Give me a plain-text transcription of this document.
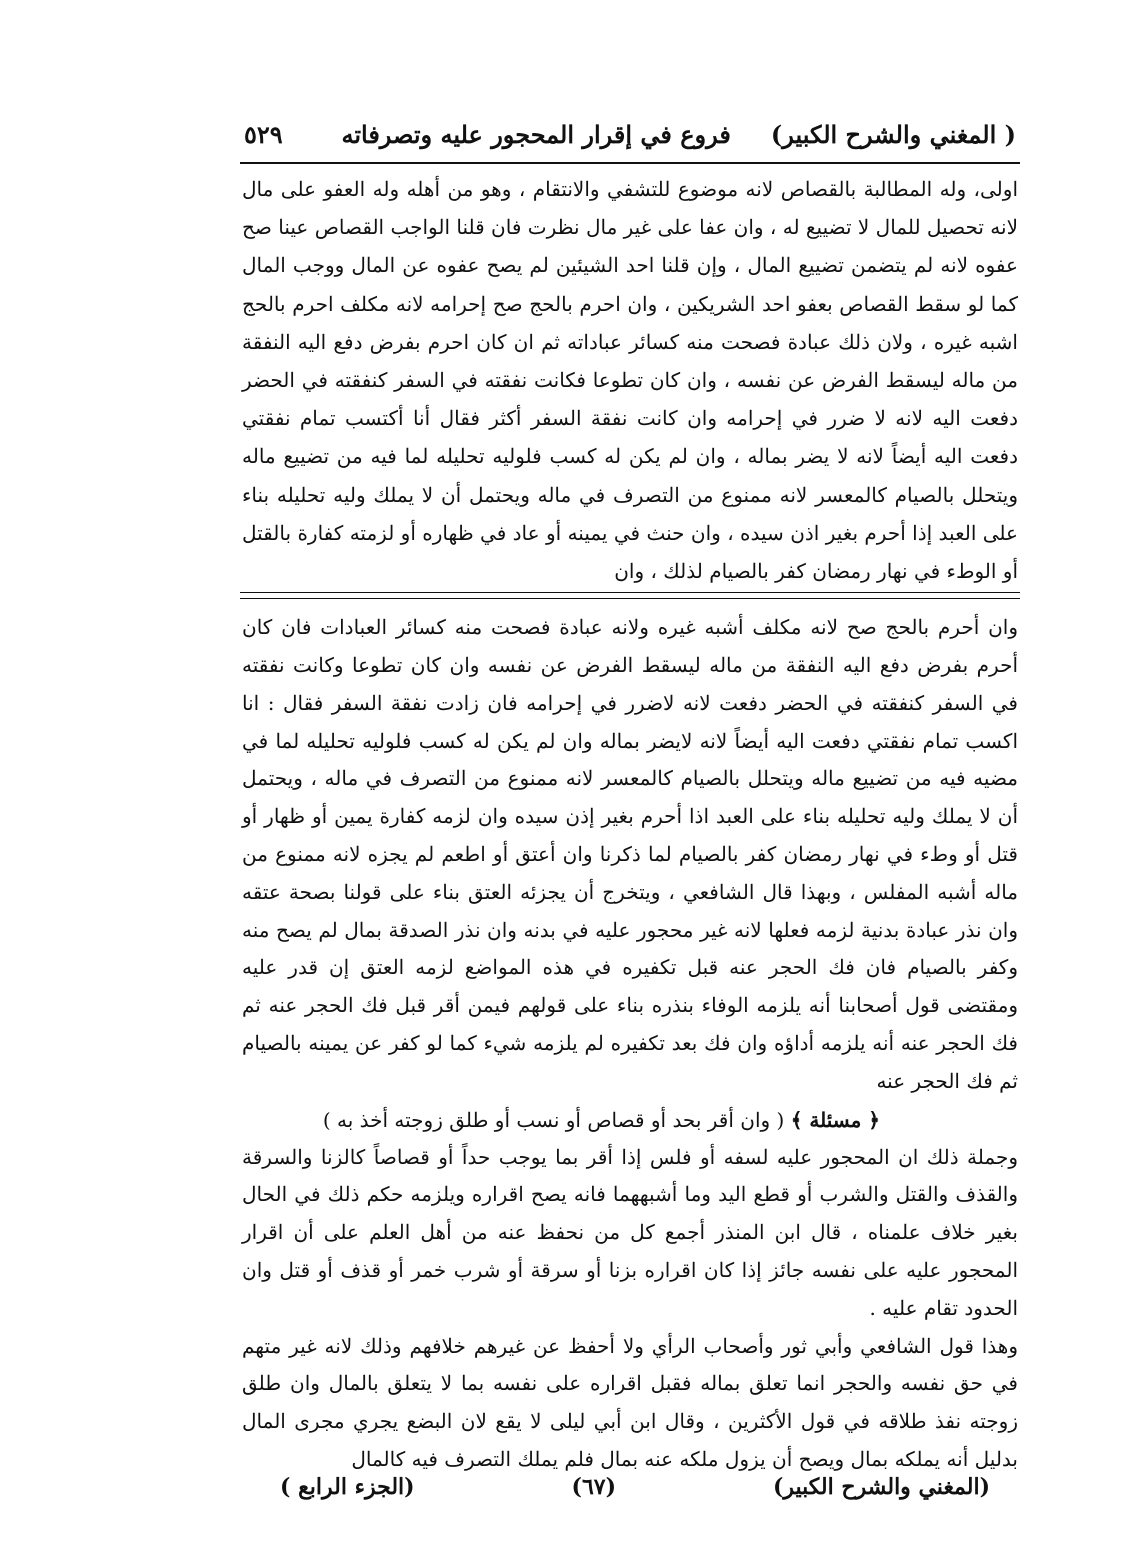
( المغني والشرح الكبير)
فروع في إقرار المحجور عليه وتصرفاته
٥٢٩

اولى، وله المطالبة بالقصاص لانه موضوع للتشفي والانتقام ، وهو من أهله وله العفو على مال لانه تحصيل للمال لا تضييع له ، وان عفا على غير مال نظرت فان قلنا الواجب القصاص عينا صح عفوه لانه لم يتضمن تضييع المال ، وإن قلنا احد الشيئين لم يصح عفوه عن المال ووجب المال كما لو سقط القصاص بعفو احد الشريكين ، وان احرم بالحج صح إحرامه لانه مكلف احرم بالحج اشبه غيره ، ولان ذلك عبادة فصحت منه كسائر عباداته ثم ان كان احرم بفرض دفع اليه النفقة من ماله ليسقط الفرض عن نفسه ، وان كان تطوعا فكانت نفقته في السفر كنفقته في الحضر دفعت اليه لانه لا ضرر في إحرامه وان كانت نفقة السفر أكثر فقال أنا أكتسب تمام نفقتي دفعت اليه أيضاً لانه لا يضر بماله ، وان لم يكن له كسب فلوليه تحليله لما فيه من تضييع ماله ويتحلل بالصيام كالمعسر لانه ممنوع من التصرف في ماله ويحتمل أن لا يملك وليه تحليله بناء على العبد إذا أحرم بغير اذن سيده ، وان حنث في يمينه أو عاد في ظهاره أو لزمته كفارة بالقتل أو الوطء في نهار رمضان كفر بالصيام لذلك ، وان

وان أحرم بالحج صح لانه مكلف أشبه غيره ولانه عبادة فصحت منه كسائر العبادات فان كان أحرم بفرض دفع اليه النفقة من ماله ليسقط الفرض عن نفسه وان كان تطوعا وكانت نفقته في السفر كنفقته في الحضر دفعت لانه لاضرر في إحرامه فان زادت نفقة السفر فقال : انا اكسب تمام نفقتي دفعت اليه أيضاً لانه لايضر بماله وان لم يكن له كسب فلوليه تحليله لما في مضيه فيه من تضييع ماله ويتحلل بالصيام كالمعسر لانه ممنوع من التصرف في ماله ، ويحتمل أن لا يملك وليه تحليله بناء على العبد اذا أحرم بغير إذن سيده وان لزمه كفارة يمين أو ظهار أو قتل أو وطء في نهار رمضان كفر بالصيام لما ذكرنا وان أعتق أو اطعم لم يجزه لانه ممنوع من ماله أشبه المفلس ، وبهذا قال الشافعي ، ويتخرج أن يجزئه العتق بناء على قولنا بصحة عتقه وان نذر عبادة بدنية لزمه فعلها لانه غير محجور عليه في بدنه وان نذر الصدقة بمال لم يصح منه وكفر بالصيام فان فك الحجر عنه قبل تكفيره في هذه المواضع لزمه العتق إن قدر عليه ومقتضى قول أصحابنا أنه يلزمه الوفاء بنذره بناء على قولهم فيمن أقر قبل فك الحجر عنه ثم فك الحجر عنه أنه يلزمه أداؤه وان فك بعد تكفيره لم يلزمه شيء كما لو كفر عن يمينه بالصيام ثم فك الحجر عنه

﴿ مسئلة ﴾ ( وان أقر بحد أو قصاص أو نسب أو طلق زوجته أخذ به )

وجملة ذلك ان المحجور عليه لسفه أو فلس إذا أقر بما يوجب حداً أو قصاصاً كالزنا والسرقة والقذف والقتل والشرب أو قطع اليد وما أشبههما فانه يصح اقراره ويلزمه حكم ذلك في الحال بغير خلاف علمناه ، قال ابن المنذر أجمع كل من نحفظ عنه من أهل العلم على أن اقرار المحجور عليه على نفسه جائز إذا كان اقراره بزنا أو سرقة أو شرب خمر أو قذف أو قتل وان الحدود تقام عليه .

وهذا قول الشافعي وأبي ثور وأصحاب الرأي ولا أحفظ عن غيرهم خلافهم وذلك لانه غير متهم في حق نفسه والحجر انما تعلق بماله فقبل اقراره على نفسه بما لا يتعلق بالمال وان طلق زوجته نفذ طلاقه في قول الأكثرين ، وقال ابن أبي ليلى لا يقع لان البضع يجري مجرى المال بدليل أنه يملكه بمال ويصح أن يزول ملكه عنه بمال فلم يملك التصرف فيه كالمال

(المغني والشرح الكبير)
(٦٧)
(الجزء الرابع )
